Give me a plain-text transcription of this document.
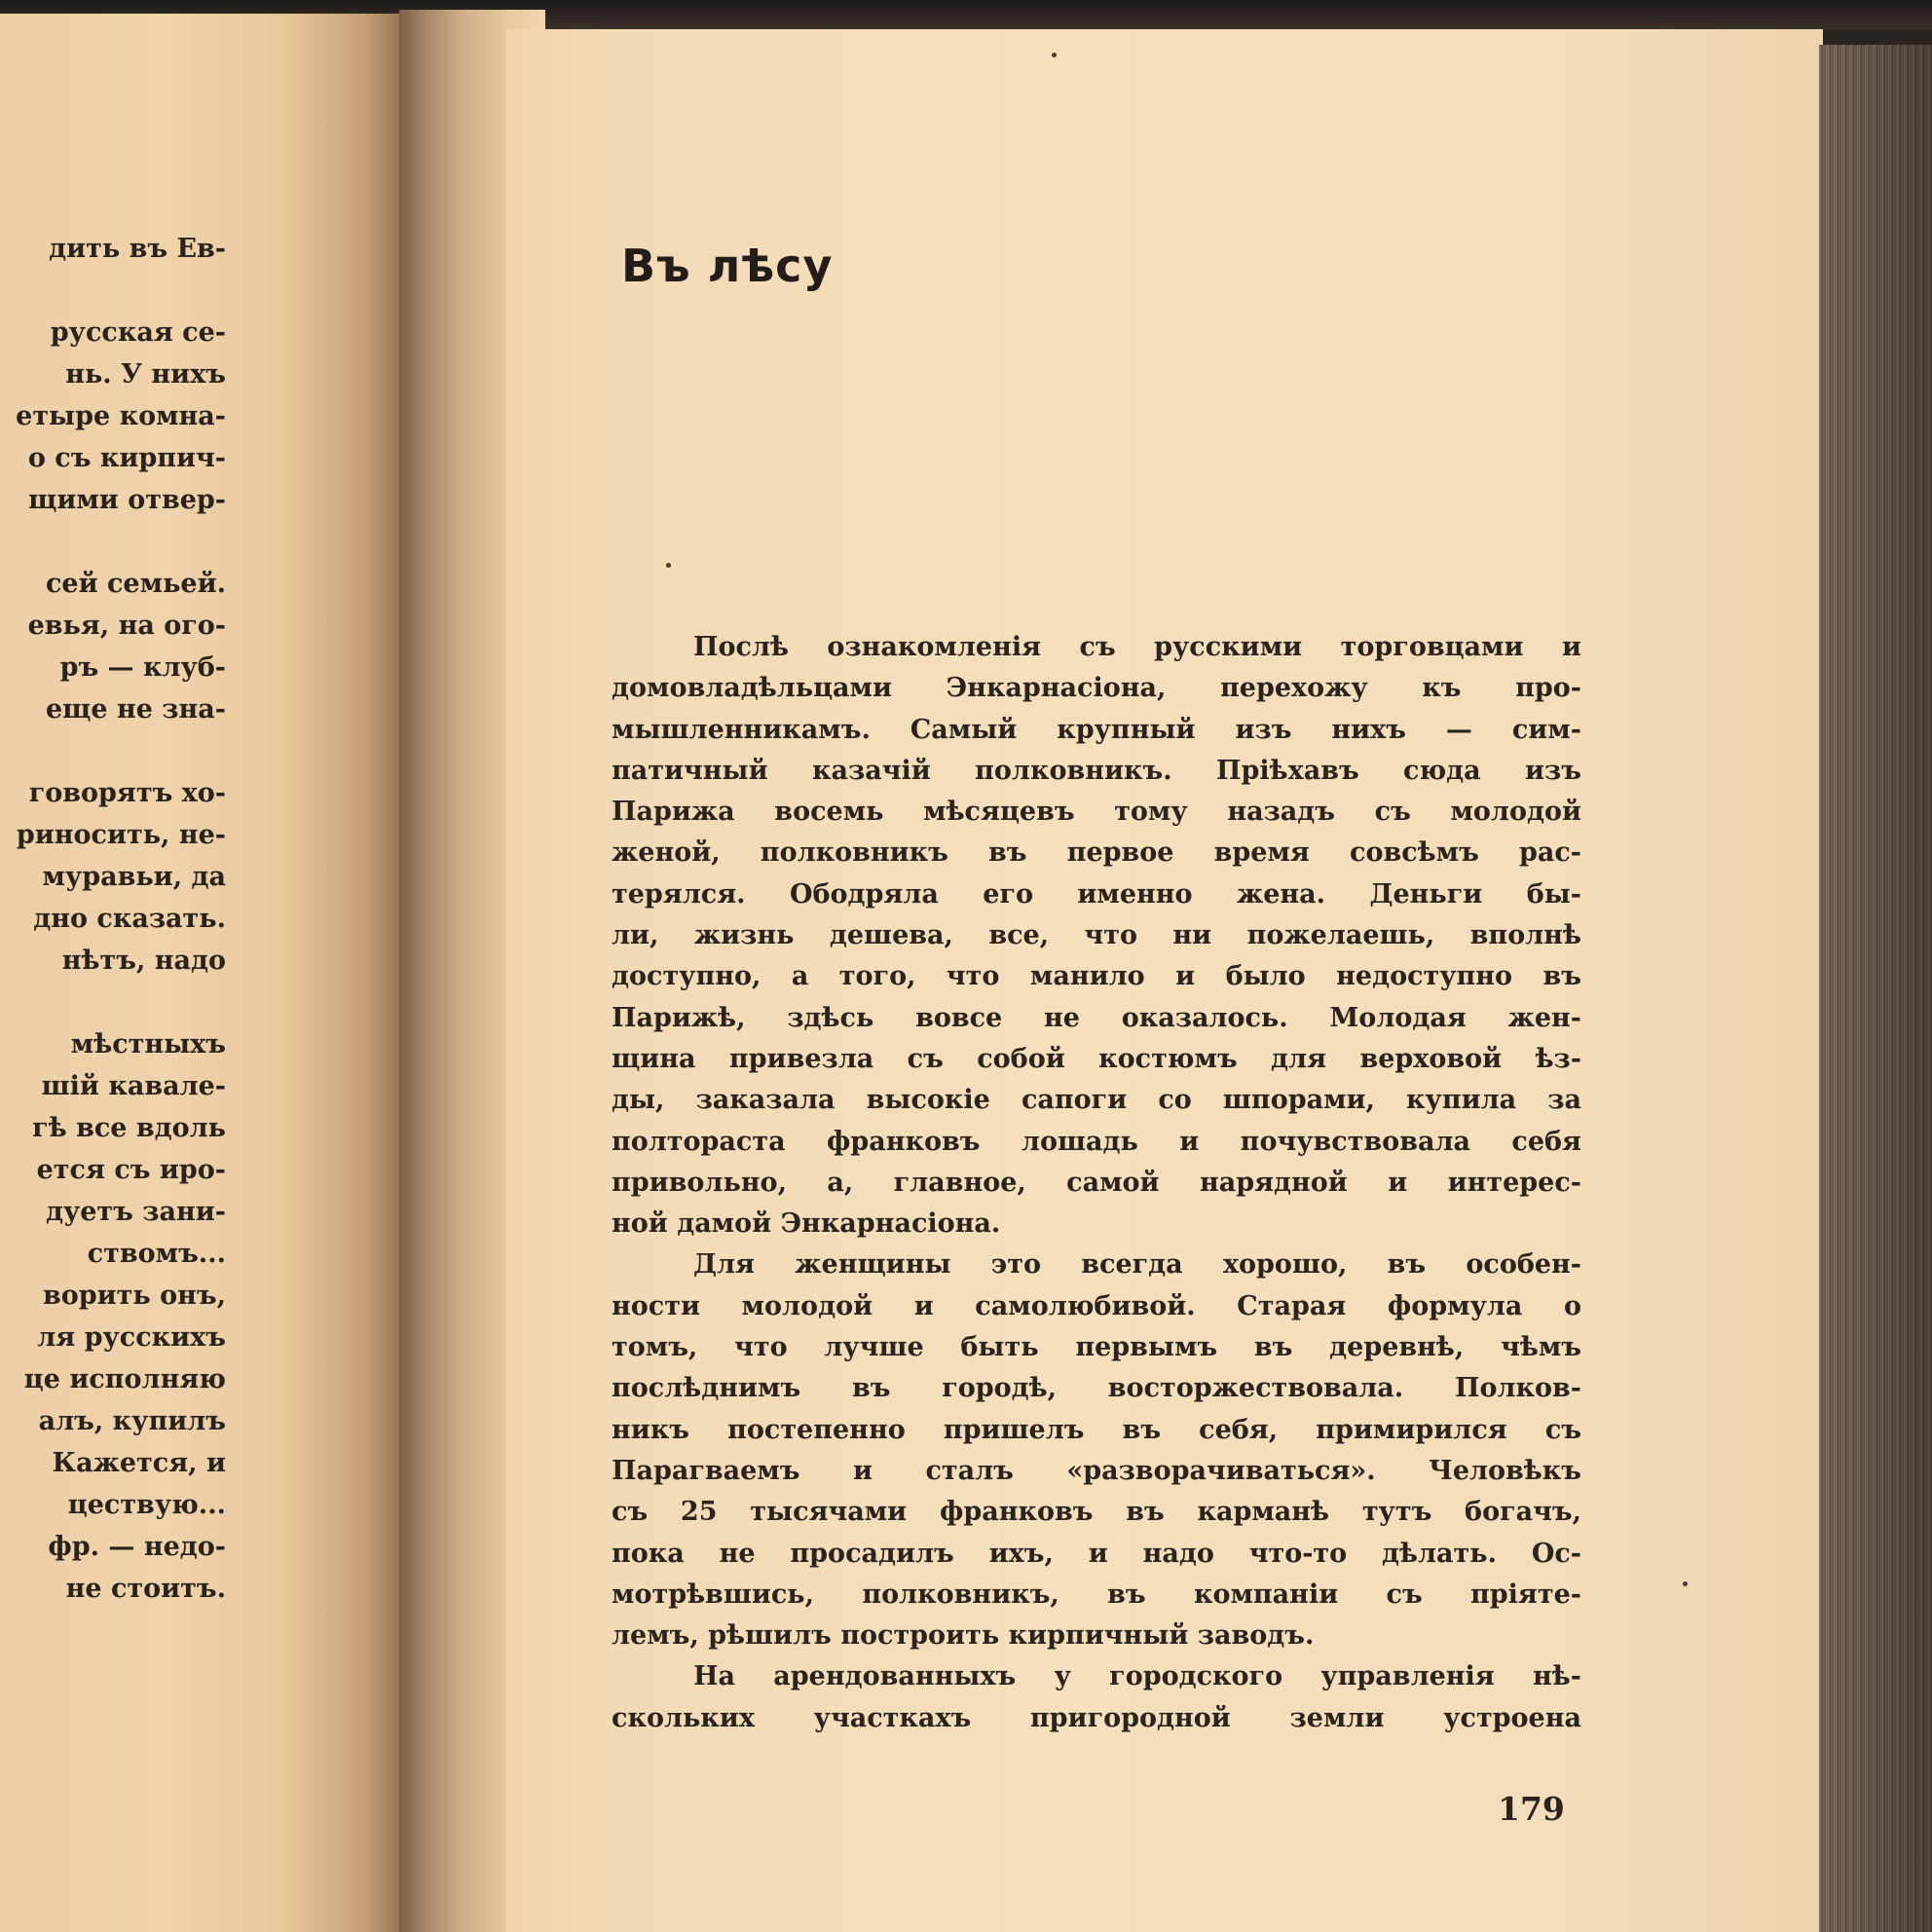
дить въ Ев-
русская се-
нь. У нихъ
етыре комна-
о съ кирпич-
щими отвер-
сей семьей.
евья, на ого-
ръ — клуб-
еще не зна-
говорятъ хо-
риносить, не-
муравьи, да
дно сказать.
нѣтъ, надо
мѣстныхъ
шій кавале-
гѣ все вдоль
ется съ иро-
дуетъ зани-
ствомъ...
ворить онъ,
ля русскихъ
це исполняю
алъ, купилъ
Кажется, и
цествую...
фр. — недо-
не стоитъ.
Въ лѣсу
Послѣ ознакомленія съ русскими торговцами и
домовладѣльцами Энкарнасіона, перехожу къ про-
мышленникамъ. Самый крупный изъ нихъ — сим-
патичный казачій полковникъ. Пріѣхавъ сюда изъ
Парижа восемь мѣсяцевъ тому назадъ съ молодой
женой, полковникъ въ первое время совсѣмъ рас-
терялся. Ободряла его именно жена. Деньги бы-
ли, жизнь дешева, все, что ни пожелаешь, вполнѣ
доступно, а того, что манило и было недоступно въ
Парижѣ, здѣсь вовсе не оказалось. Молодая жен-
щина привезла съ собой костюмъ для верховой ѣз-
ды, заказала высокіе сапоги со шпорами, купила за
полтораста франковъ лошадь и почувствовала себя
привольно, а, главное, самой нарядной и интерес-
ной дамой Энкарнасіона.
Для женщины это всегда хорошо, въ особен-
ности молодой и самолюбивой. Старая формула о
томъ, что лучше быть первымъ въ деревнѣ, чѣмъ
послѣднимъ въ городѣ, восторжествовала. Полков-
никъ постепенно пришелъ въ себя, примирился съ
Парагваемъ и сталъ «разворачиваться». Человѣкъ
съ 25 тысячами франковъ въ карманѣ тутъ богачъ,
пока не просадилъ ихъ, и надо что-то дѣлать. Ос-
мотрѣвшись, полковникъ, въ компаніи съ пріяте-
лемъ, рѣшилъ построить кирпичный заводъ.
На арендованныхъ у городского управленія нѣ-
скольких участкахъ пригородной земли устроена
179
